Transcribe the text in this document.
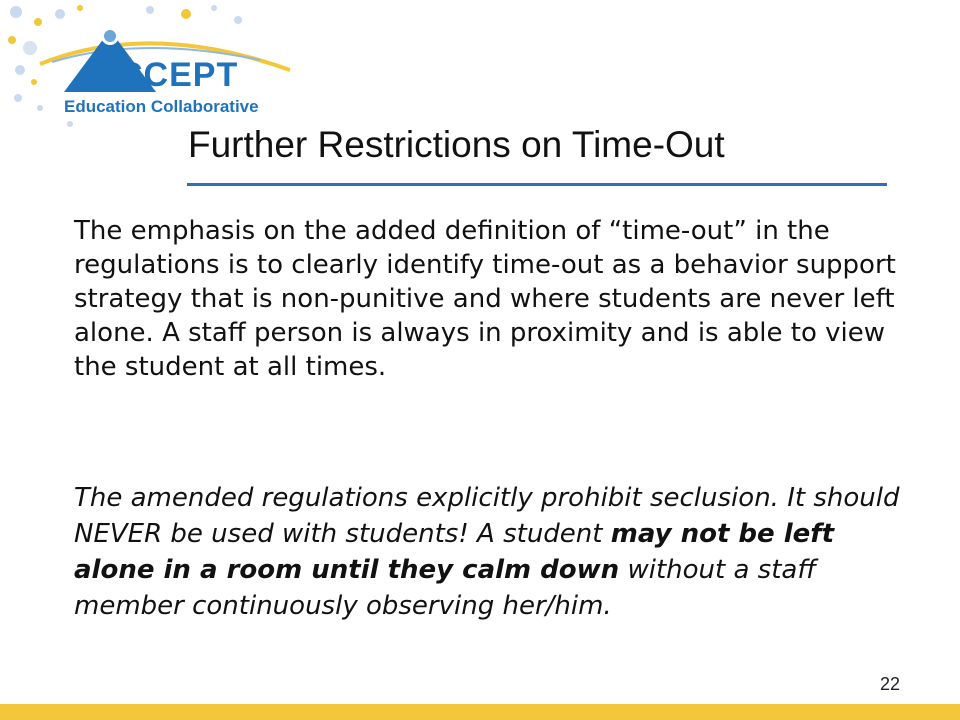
CCEPT
Education Collaborative
Further Restrictions on Time-Out
The emphasis on the added definition of “time-out” in the regulations is to clearly identify time-out as a behavior support strategy that is non-punitive and where students are never left alone. A staff person is always in proximity and is able to view the student at all times.
The amended regulations explicitly prohibit seclusion. It should NEVER be used with students! A student may not be left alone in a room until they calm down without a staff member continuously observing her/him.
22
